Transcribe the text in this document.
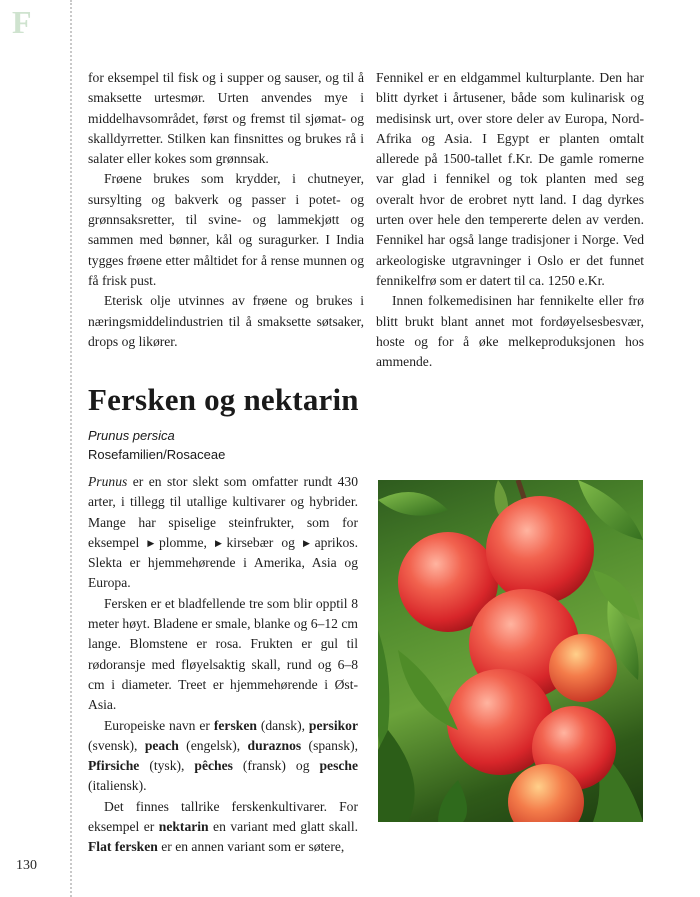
F

for eksempel til fisk og i supper og sauser, og til å smaksette urtesmør. Urten anvendes mye i middelhavsområdet, først og fremst til sjømat- og skalldyrretter. Stilken kan finsnittes og brukes rå i salater eller kokes som grønnsak.

Frøene brukes som krydder, i chutneyer, sursylting og bakverk og passer i potet- og grønnsaksretter, til svine- og lammekjøtt og sammen med bønner, kål og suragurker. I India tygges frøene etter måltidet for å rense munnen og få frisk pust.

Eterisk olje utvinnes av frøene og brukes i næringsmiddelindustrien til å smaksette søtsaker, drops og likører.

Fennikel er en eldgammel kulturplante. Den har blitt dyrket i årtusener, både som kulinarisk og medisinsk urt, over store deler av Europa, Nord-Afrika og Asia. I Egypt er planten omtalt allerede på 1500-tallet f.Kr. De gamle romerne var glad i fennikel og tok planten med seg overalt hvor de erobret nytt land. I dag dyrkes urten over hele den tempererte delen av verden. Fennikel har også lange tradisjoner i Norge. Ved arkeologiske utgravninger i Oslo er det funnet fennikelfrø som er datert til ca. 1250 e.Kr.

Innen folkemedisinen har fennikelte eller frø blitt brukt blant annet mot fordøyelsesbesvær, hoste og for å øke melkeproduksjonen hos ammende.

Fersken og nektarin
Prunus persica
Rosefamilien/Rosaceae

Prunus er en stor slekt som omfatter rundt 430 arter, i tillegg til utallige kultivarer og hybrider. Mange har spiselige steinfrukter, som for eksempel ▶plomme, ▶kirsebær og ▶aprikos. Slekta er hjemmehørende i Amerika, Asia og Europa.

Fersken er et bladfellende tre som blir opptil 8 meter høyt. Bladene er smale, blanke og 6–12 cm lange. Blomstene er rosa. Frukten er gul til rødoransje med fløyelsaktig skall, rund og 6–8 cm i diameter. Treet er hjemmehørende i Øst-Asia.

Europeiske navn er fersken (dansk), persikor (svensk), peach (engelsk), duraznos (spansk), Pfirsiche (tysk), pêches (fransk) og pesche (italiensk).

Det finnes tallrike ferskenkultivarer. For eksempel er nektarin en variant med glatt skall. Flat fersken er en annen variant som er søtere,

130
